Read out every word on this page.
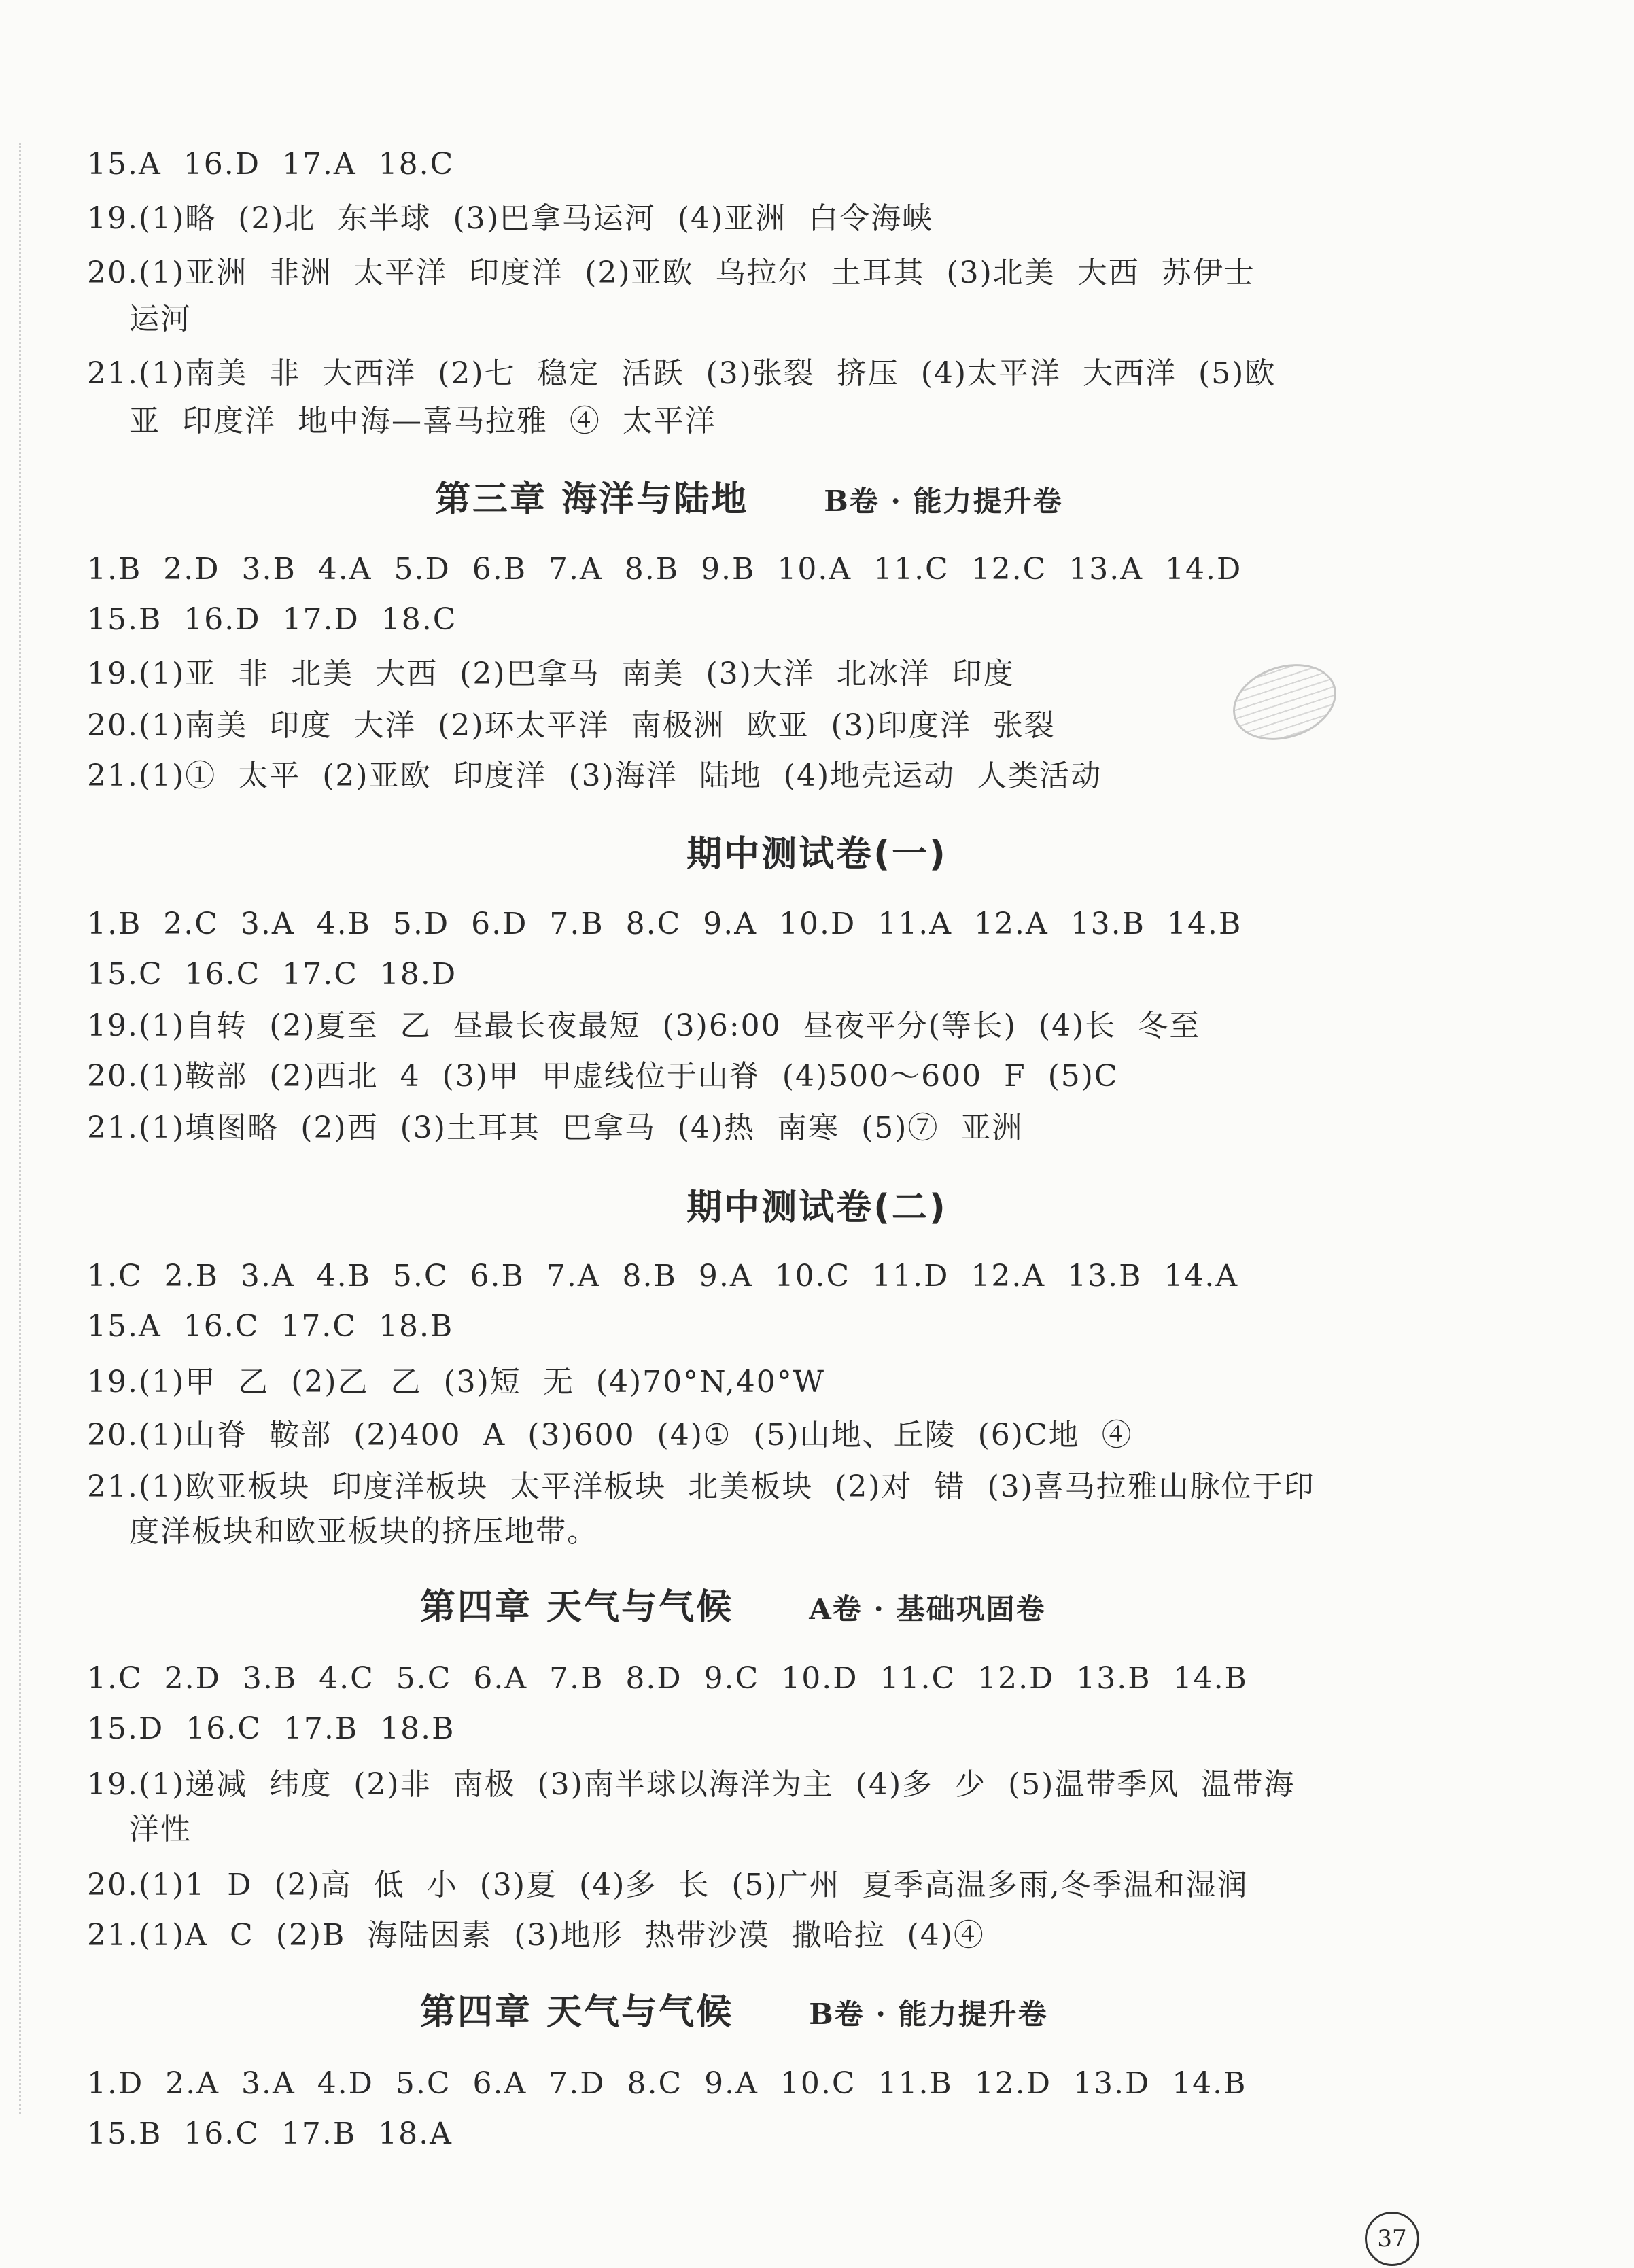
15.A  16.D  17.A  18.C
19.(1)略  (2)北  东半球  (3)巴拿马运河  (4)亚洲  白令海峡
20.(1)亚洲  非洲  太平洋  印度洋  (2)亚欧  乌拉尔  土耳其  (3)北美  大西  苏伊士
运河
21.(1)南美  非  大西洋  (2)七  稳定  活跃  (3)张裂  挤压  (4)太平洋  大西洋  (5)欧
亚  印度洋  地中海—喜马拉雅  ④  太平洋
第三章 海洋与陆地	B卷 · 能力提升卷
1.B  2.D  3.B  4.A  5.D  6.B  7.A  8.B  9.B  10.A  11.C  12.C  13.A  14.D
15.B  16.D  17.D  18.C
19.(1)亚  非  北美  大西  (2)巴拿马  南美  (3)大洋  北冰洋  印度
20.(1)南美  印度  大洋  (2)环太平洋  南极洲  欧亚  (3)印度洋  张裂
21.(1)①  太平  (2)亚欧  印度洋  (3)海洋  陆地  (4)地壳运动  人类活动
期中测试卷(一)
1.B  2.C  3.A  4.B  5.D  6.D  7.B  8.C  9.A  10.D  11.A  12.A  13.B  14.B
15.C  16.C  17.C  18.D
19.(1)自转  (2)夏至  乙  昼最长夜最短  (3)6:00  昼夜平分(等长)  (4)长  冬至
20.(1)鞍部  (2)西北  4  (3)甲  甲虚线位于山脊  (4)500～600  F  (5)C
21.(1)填图略  (2)西  (3)土耳其  巴拿马  (4)热  南寒  (5)⑦  亚洲
期中测试卷(二)
1.C  2.B  3.A  4.B  5.C  6.B  7.A  8.B  9.A  10.C  11.D  12.A  13.B  14.A
15.A  16.C  17.C  18.B
19.(1)甲  乙  (2)乙  乙  (3)短  无  (4)70°N,40°W
20.(1)山脊  鞍部  (2)400  A  (3)600  (4)①  (5)山地、丘陵  (6)C地  ④
21.(1)欧亚板块  印度洋板块  太平洋板块  北美板块  (2)对  错  (3)喜马拉雅山脉位于印
度洋板块和欧亚板块的挤压地带。
第四章 天气与气候	A卷 · 基础巩固卷
1.C  2.D  3.B  4.C  5.C  6.A  7.B  8.D  9.C  10.D  11.C  12.D  13.B  14.B
15.D  16.C  17.B  18.B
19.(1)递减  纬度  (2)非  南极  (3)南半球以海洋为主  (4)多  少  (5)温带季风  温带海
洋性
20.(1)1  D  (2)高  低  小  (3)夏  (4)多  长  (5)广州  夏季高温多雨,冬季温和湿润
21.(1)A  C  (2)B  海陆因素  (3)地形  热带沙漠  撒哈拉  (4)④
第四章 天气与气候	B卷 · 能力提升卷
1.D  2.A  3.A  4.D  5.C  6.A  7.D  8.C  9.A  10.C  11.B  12.D  13.D  14.B
15.B  16.C  17.B  18.A
37
